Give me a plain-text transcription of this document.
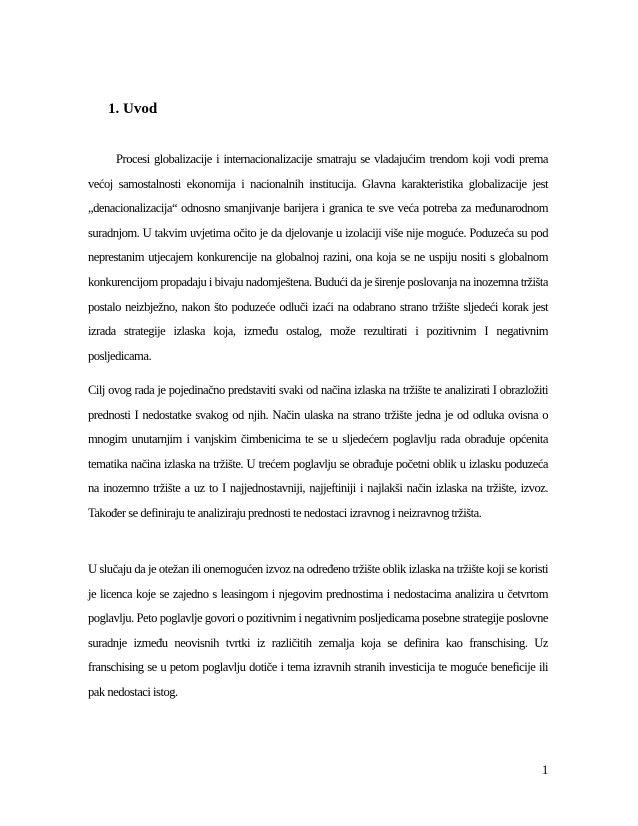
1. Uvod

Procesi globalizacije i internacionalizacije smatraju se vladajućim trendom koji vodi prema većoj samostalnosti ekonomija i nacionalnih institucija. Glavna karakteristika globalizacije jest „denacionalizacija“ odnosno smanjivanje barijera i granica te sve veća potreba za međunarodnom suradnjom. U takvim uvjetima očito je da djelovanje u izolaciji više nije moguće. Poduzeća su pod neprestanim utjecajem konkurencije na globalnoj razini, ona koja se ne uspiju nositi s globalnom konkurencijom propadaju i bivaju nadomještena. Budući da je širenje poslovanja na inozemna tržišta postalo neizbježno, nakon što poduzeće odluči izaći na odabrano strano tržište sljedeći korak jest izrada strategije izlaska koja, između ostalog, može rezultirati i pozitivnim I negativnim posljedicama.

Cilj ovog rada je pojedinačno predstaviti svaki od načina izlaska na tržište te analizirati I obrazložiti prednosti I nedostatke svakog od njih. Način ulaska na strano tržište jedna je od odluka ovisna o mnogim unutarnjim i vanjskim čimbenicima te se u sljedećem poglavlju rada obrađuje općenita tematika načina izlaska na tržište. U trećem poglavlju se obrađuje početni oblik u izlasku poduzeća na inozemno tržište a uz to I najjednostavniji, najjeftiniji i najlakši način izlaska na tržište, izvoz. Također se definiraju te analiziraju prednosti te nedostaci izravnog i neizravnog tržišta.

U slučaju da je otežan ili onemogućen izvoz na određeno tržište oblik izlaska na tržište koji se koristi je licenca koje se zajedno s leasingom i njegovim prednostima i nedostacima analizira u četvrtom poglavlju. Peto poglavlje govori o pozitivnim i negativnim posljedicama posebne strategije poslovne suradnje između neovisnih tvrtki iz različitih zemalja koja se definira kao franschising. Uz franschising se u petom poglavlju dotiče i tema izravnih stranih investicija te moguće beneficije ili pak nedostaci istog.

1
